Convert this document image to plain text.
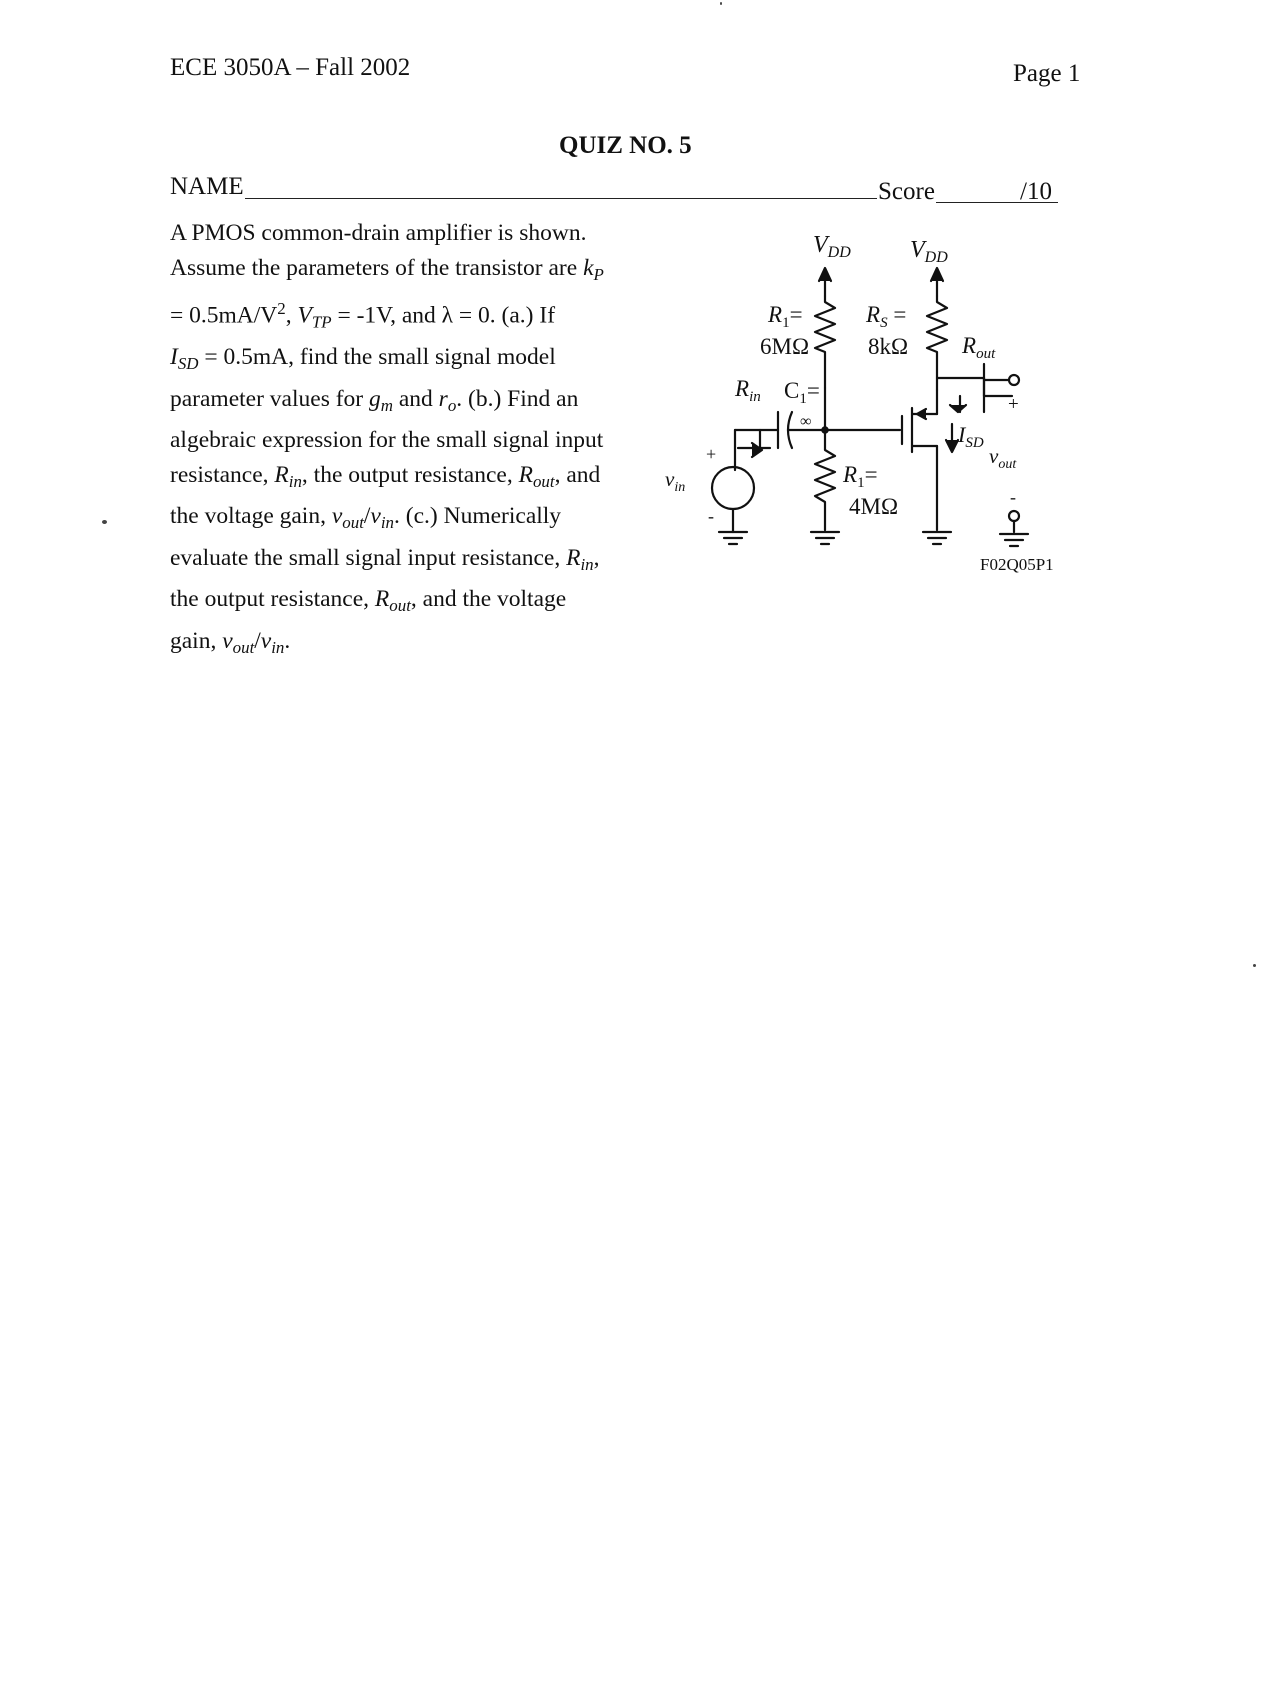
ECE 3050A – Fall 2002	Page 1
QUIZ NO. 5
NAME	Score	/10

A PMOS common-drain amplifier is shown.

Assume the parameters of the transistor are $k_P$

= $0.5mA/V^2$, $V_{TP} = -1V$, and λ = 0. (a.) If

$I_{SD} = 0.5mA$, find the small signal model

parameter values for $g_m$ and $r_o$. (b.) Find an

algebraic expression for the small signal input

resistance, $R_{in}$, the output resistance, $R_{out}$, and

the voltage gain, $v_{out}/v_{in}$. (c.) Numerically

evaluate the small signal input resistance, $R_{in}$,

the output resistance, $R_{out}$, and the voltage

gain, $v_{out}/v_{in}$.

$V_{DD}$ $V_{DD}$
$R_1=$
6MΩ
$R_S$ =
8kΩ $R_{out}$
$R_{in}$ $C_1=$
∞
$I_{SD}$
$v_{in}$
+
-
$v_{out}$
+
-
$R_1=$
4MΩ
F02Q05P1
